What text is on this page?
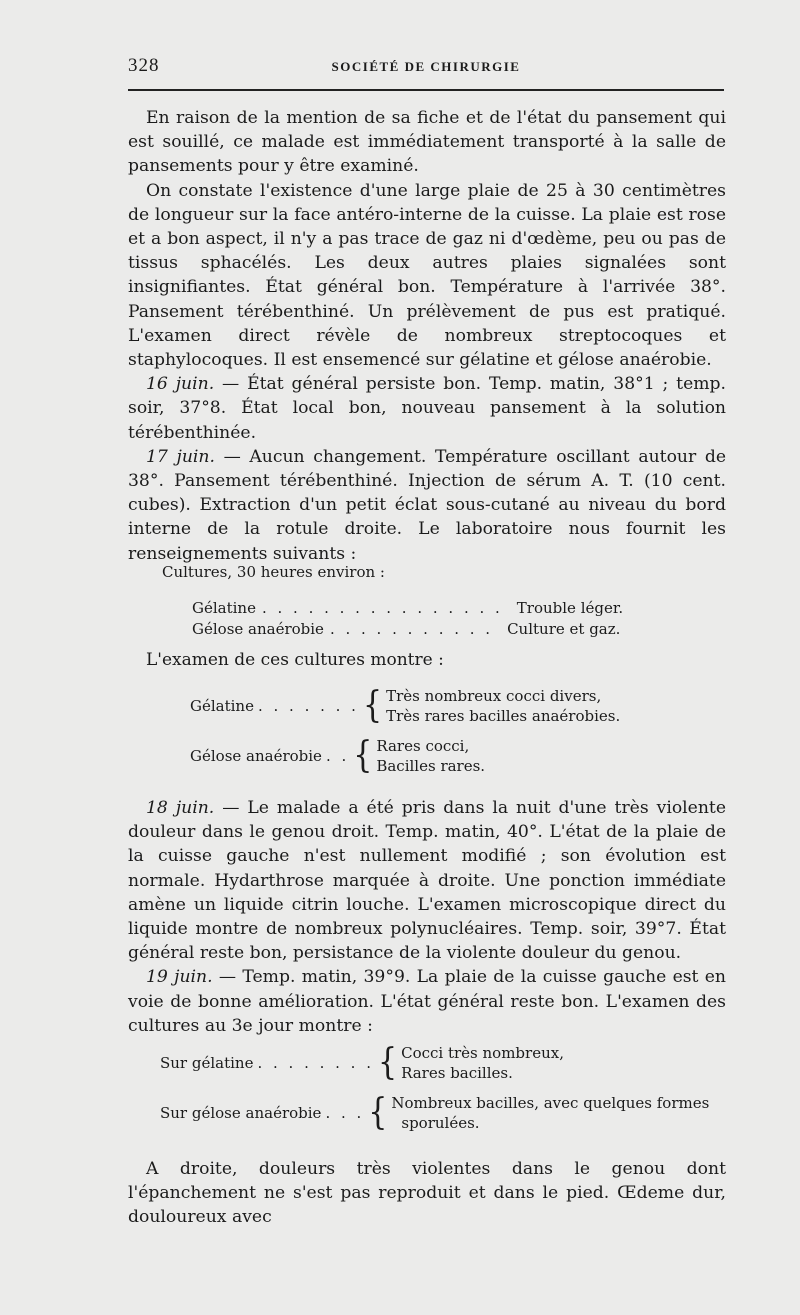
328	SOCIÉTÉ DE CHIRURGIE

En raison de la mention de sa fiche et de l'état du pansement qui est souillé, ce malade est immédiatement transporté à la salle de pansements pour y être examiné.

On constate l'existence d'une large plaie de 25 à 30 centimètres de longueur sur la face antéro-interne de la cuisse. La plaie est rose et a bon aspect, il n'y a pas trace de gaz ni d'œdème, peu ou pas de tissus sphacélés. Les deux autres plaies signalées sont insignifiantes. État général bon. Température à l'arrivée 38°. Pansement térébenthiné. Un prélèvement de pus est pratiqué. L'examen direct révèle de nombreux streptocoques et staphylocoques. Il est ensemencé sur gélatine et gélose anaérobie.

16 juin. — État général persiste bon. Temp. matin, 38°1 ; temp. soir, 37°8. État local bon, nouveau pansement à la solution térébenthinée.

17 juin. — Aucun changement. Température oscillant autour de 38°. Pansement térébenthiné. Injection de sérum A. T. (10 cent. cubes). Extraction d'un petit éclat sous-cutané au niveau du bord interne de la rotule droite. Le laboratoire nous fournit les renseignements suivants :

Cultures, 30 heures environ :
Gélatine . . . . . . . . . . . . . . . . Trouble léger.
Gélose anaérobie . . . . . . . . . . . Culture et gaz.
L'examen de ces cultures montre :
Gélatine . . . . . . . { Très nombreux cocci divers,
Très rares bacilles anaérobies.
Gélose anaérobie . . { Rares cocci,
Bacilles rares.

18 juin. — Le malade a été pris dans la nuit d'une très violente douleur dans le genou droit. Temp. matin, 40°. L'état de la plaie de la cuisse gauche n'est nullement modifié ; son évolution est normale. Hydarthrose marquée à droite. Une ponction immédiate amène un liquide citrin louche. L'examen microscopique direct du liquide montre de nombreux polynucléaires. Temp. soir, 39°7. État général reste bon, persistance de la violente douleur du genou.

19 juin. — Temp. matin, 39°9. La plaie de la cuisse gauche est en voie de bonne amélioration. L'état général reste bon. L'examen des cultures au 3e jour montre :

Sur gélatine . . . . . . . . { Cocci très nombreux,
Rares bacilles.
Sur gélose anaérobie . . . { Nombreux bacilles, avec quelques formes
sporulées.

A droite, douleurs très violentes dans le genou dont l'épanchement ne s'est pas reproduit et dans le pied. Œdeme dur, douloureux avec
